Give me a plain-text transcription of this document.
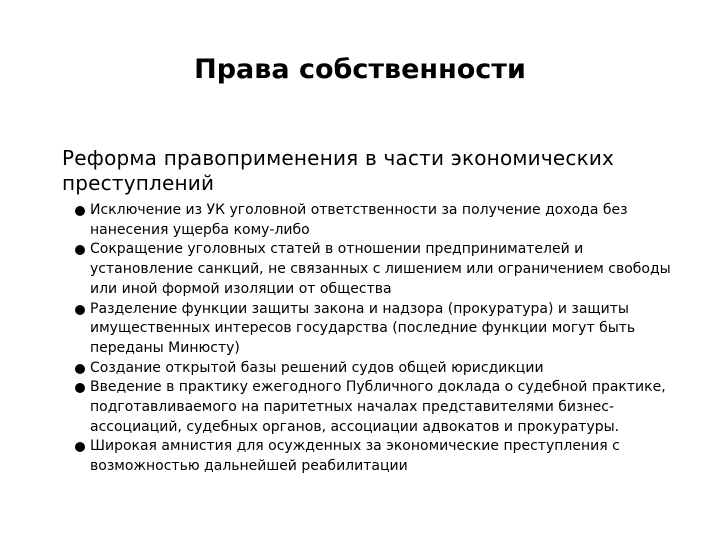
Права собственности
Реформа правоприменения в части экономических преступлений
Исключение из УК уголовной ответственности за получение дохода без нанесения ущерба кому-либо
Сокращение уголовных статей в отношении предпринимателей и установление санкций, не связанных с лишением или ограничением свободы или иной формой изоляции от общества
Разделение функции защиты закона и надзора (прокуратура) и защиты имущественных интересов государства (последние функции могут быть переданы Минюсту)
Создание открытой базы решений судов общей юрисдикции
Введение в практику ежегодного Публичного доклада о судебной практике, подготавливаемого на паритетных началах представителями бизнес-ассоциаций, судебных органов, ассоциации адвокатов и прокуратуры.
Широкая амнистия для осужденных за экономические преступления с возможностью дальнейшей реабилитации
